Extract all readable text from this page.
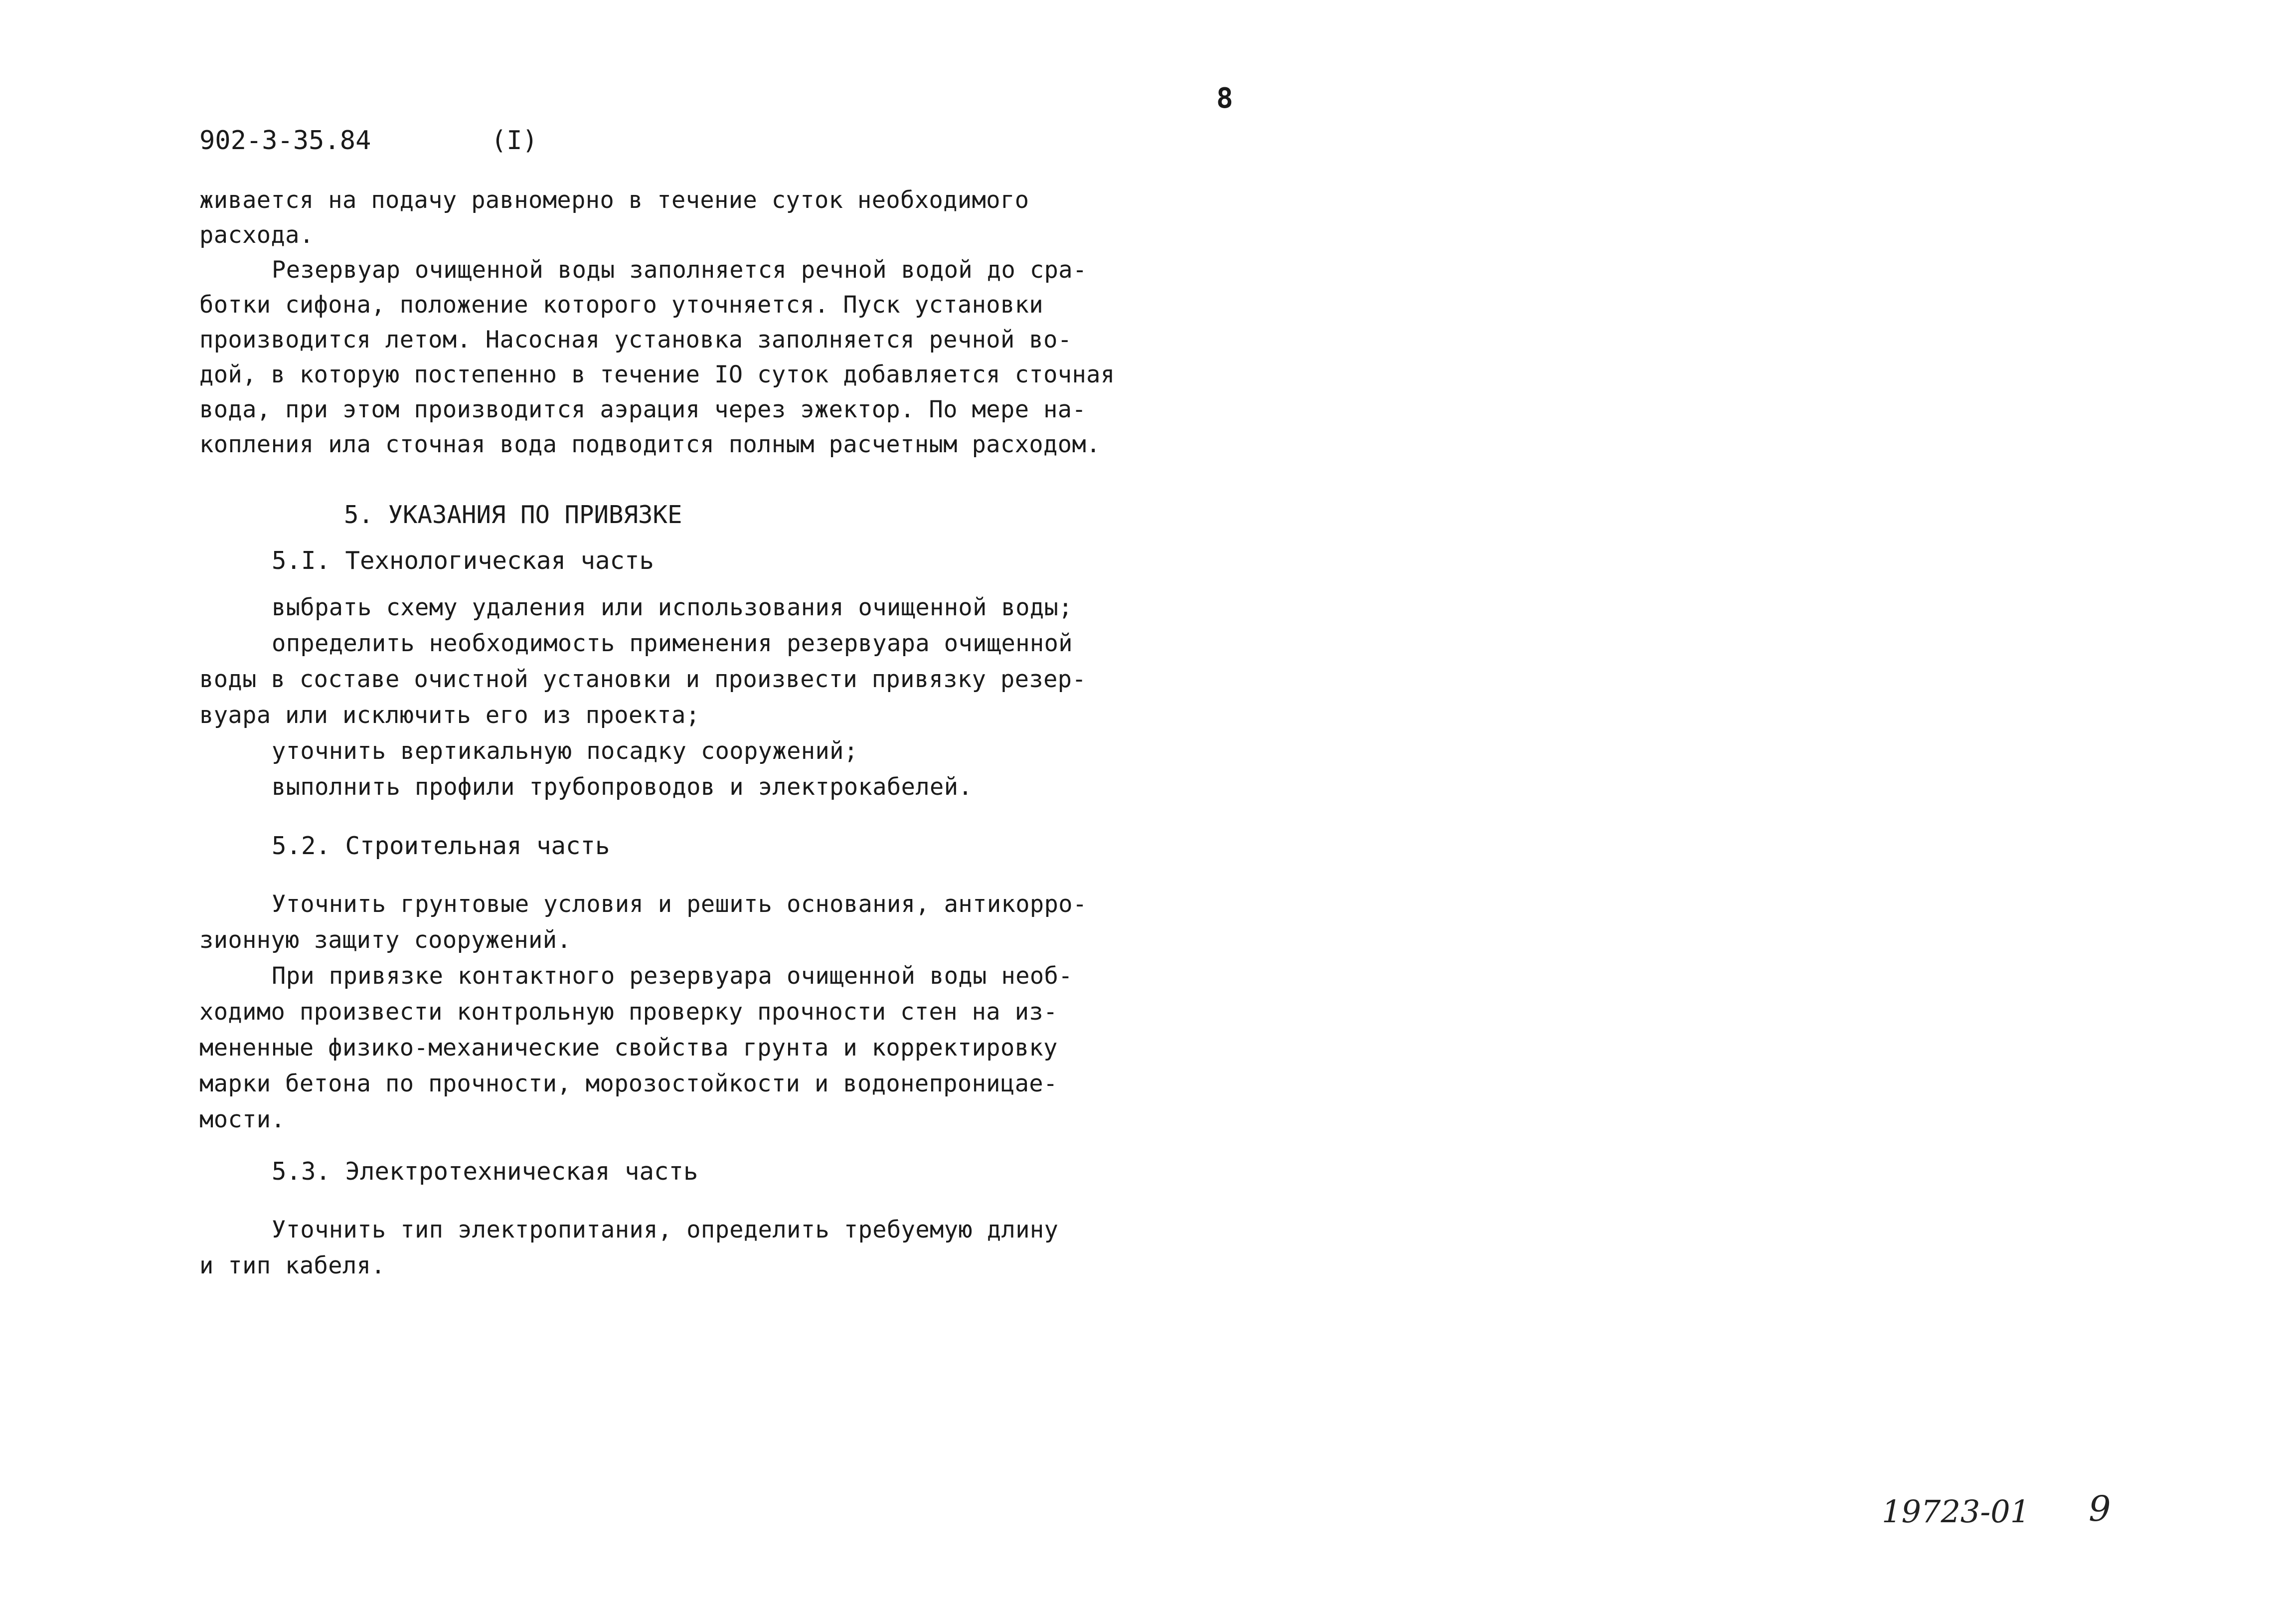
8
902-3-35.84	(I)
живается на подачу равномерно в течение суток необходимого
расхода.
Резервуар очищенной воды заполняется речной водой до сра-
ботки сифона, положение которого уточняется. Пуск установки
производится летом. Насосная установка заполняется речной во-
дой, в которую постепенно в течение IO суток добавляется сточная
вода, при этом производится аэрация через эжектор. По мере на-
копления ила сточная вода подводится полным расчетным расходом.
5. УКАЗАНИЯ ПО ПРИВЯЗКЕ
5.I. Технологическая часть
выбрать схему удаления или использования очищенной воды;
определить необходимость применения резервуара очищенной
воды в составе очистной установки и произвести привязку резер-
вуара или исключить его из проекта;
уточнить вертикальную посадку сооружений;
выполнить профили трубопроводов и электрокабелей.
5.2. Строительная часть
Уточнить грунтовые условия и решить основания, антикорро-
зионную защиту сооружений.
При привязке контактного резервуара очищенной воды необ-
ходимо произвести контрольную проверку прочности стен на из-
мененные физико-механические свойства грунта и корректировку
марки бетона по прочности, морозостойкости и водонепроницае-
мости.
5.3. Электротехническая часть
Уточнить тип электропитания, определить требуемую длину
и тип кабеля.
19723-01 9
